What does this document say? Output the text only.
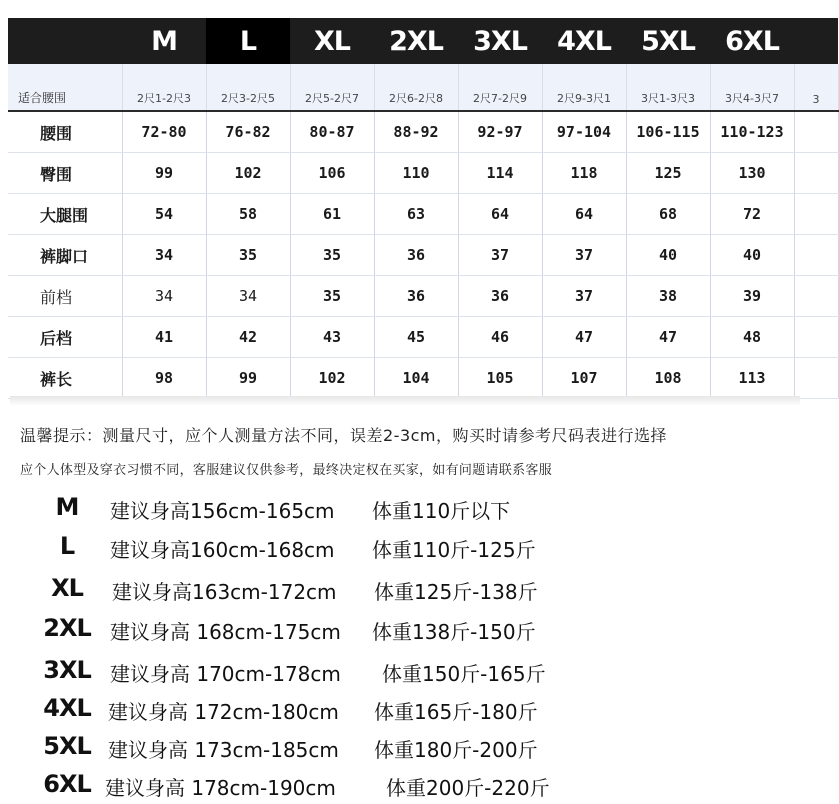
	M	L	XL	2XL	3XL	4XL	5XL	6XL	
适合腰围	2尺1-2尺3	2尺3-2尺5	2尺5-2尺7	2尺6-2尺8	2尺7-2尺9	2尺9-3尺1	3尺1-3尺3	3尺4-3尺7	3
腰围	72-80	76-82	80-87	88-92	92-97	97-104	106-115	110-123	
臀围	99	102	106	110	114	118	125	130	
大腿围	54	58	61	63	64	64	68	72	
裤脚口	34	35	35	36	37	37	40	40	
前档	34	34	35	36	36	37	38	39	
后档	41	42	43	45	46	47	47	48	
裤长	98	99	102	104	105	107	108	113	
温馨提示：测量尺寸，应个人测量方法不同，误差2-3cm，购买时请参考尺码表进行选择
应个人体型及穿衣习惯不同，客服建议仅供参考，最终决定权在买家，如有问题请联系客服
M	建议身高156cm-165cm 体重110斤以下
L	建议身高160cm-168cm 体重110斤-125斤
XL	建议身高163cm-172cm 体重125斤-138斤
2XL 建议身高 168cm-175cm 体重138斤-150斤
3XL 建议身高 170cm-178cm 体重150斤-165斤
4XL 建议身高 172cm-180cm 体重165斤-180斤
5XL 建议身高 173cm-185cm 体重180斤-200斤
6XL 建议身高 178cm-190cm	体重200斤-220斤
